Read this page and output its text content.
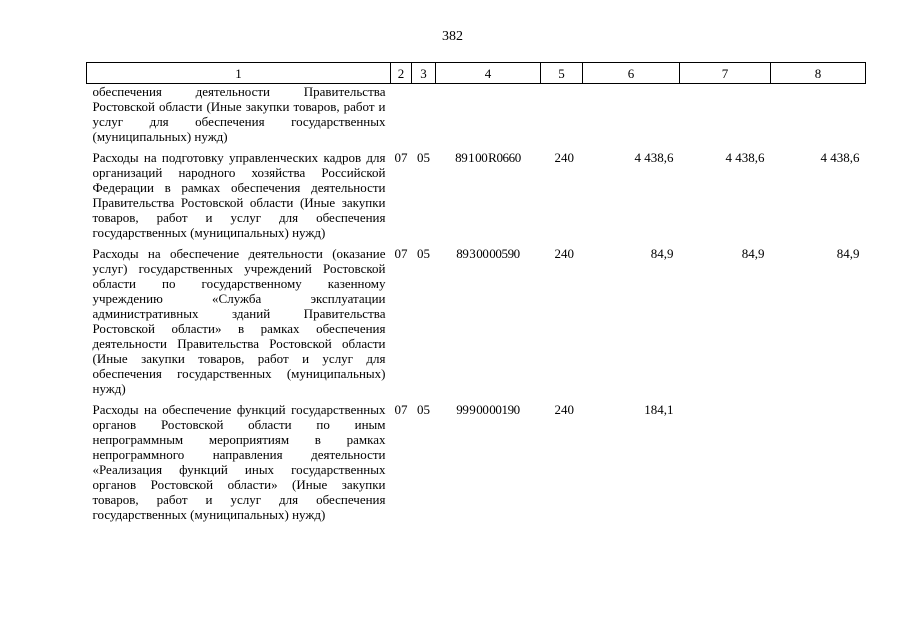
382
1	2	3	4	5	6	7	8
обеспечения деятельности Правительства Ростовской области (Иные закупки товаров, работ и услуг для обеспечения государственных (муниципальных) нужд)							
Расходы на подготовку управленческих кадров для организаций народного хозяйства Российской Федерации в рамках обеспечения деятельности Правительства Ростовской области (Иные закупки товаров, работ и услуг для обеспечения государственных (муниципальных) нужд)	07	05	89 1 00 R0660	240	4 438,6	4 438,6	4 438,6
Расходы на обеспечение деятельности (оказание услуг) государственных учреждений Ростовской области по государственному казенному учреждению «Служба эксплуатации административных зданий Правительства Ростовской области» в рамках обеспечения деятельности Правительства Ростовской области (Иные закупки товаров, работ и услуг для обеспечения государственных (муниципальных) нужд)	07	05	89 3 00 00590	240	84,9	84,9	84,9
Расходы на обеспечение функций государственных органов Ростовской области по иным непрограммным мероприятиям в рамках непрограммного направления деятельности «Реализация функций иных государственных органов Ростовской области» (Иные закупки товаров, работ и услуг для обеспечения государственных (муниципальных) нужд)	07	05	99 9 00 00190	240	184,1		
